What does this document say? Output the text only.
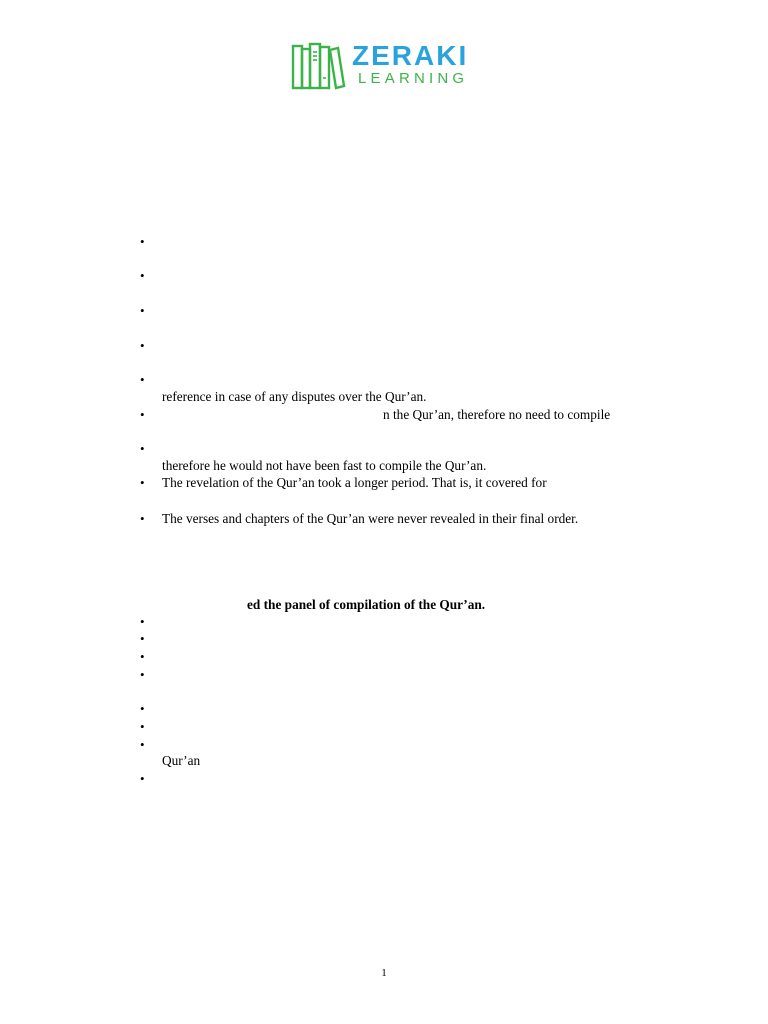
ZERAKI
LEARNING
•
•
•
•
•
reference in case of any disputes over the Qur’an.
•	n the Qur’an, therefore no need to compile
•
therefore he would not have been fast to compile the Qur’an.
• The revelation of the Qur’an took a longer period. That is, it covered for
• The verses and chapters of the Qur’an were never revealed in their final order.
ed the panel of compilation of the Qur’an.
•
•
•
•
•
•
•
Qur’an
•
1
